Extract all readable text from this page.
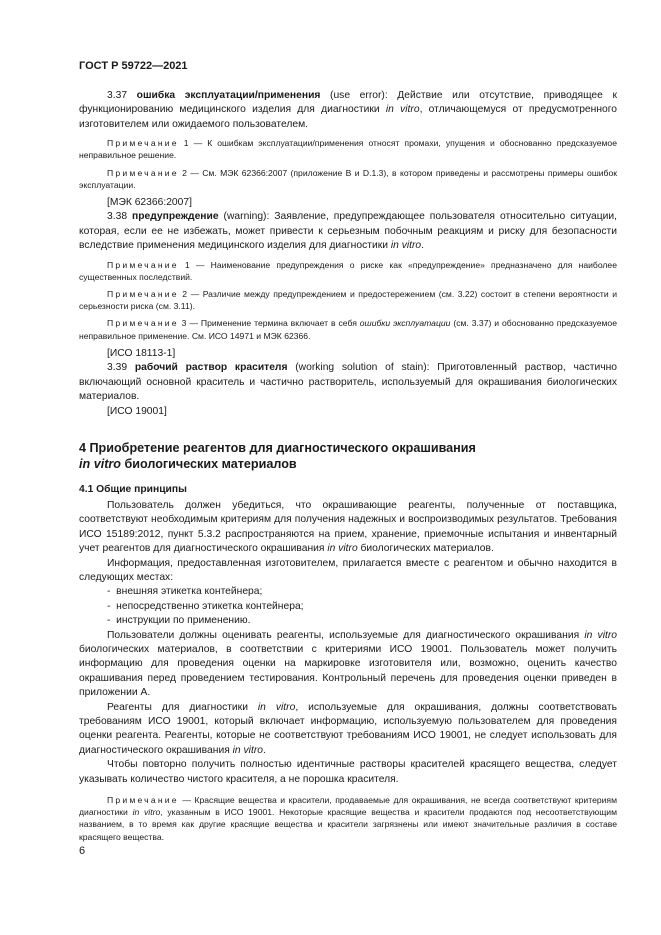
ГОСТ Р 59722—2021

3.37 ошибка эксплуатации/применения (use error): Действие или отсутствие, приводящее к функционированию медицинского изделия для диагностики in vitro, отличающемуся от предусмотренного изготовителем или ожидаемого пользователем.

Примечание 1 — К ошибкам эксплуатации/применения относят промахи, упущения и обоснованно предсказуемое неправильное решение.

Примечание 2 — См. МЭК 62366:2007 (приложение В и D.1.3), в котором приведены и рассмотрены примеры ошибок эксплуатации.

[МЭК 62366:2007]

3.38 предупреждение (warning): Заявление, предупреждающее пользователя относительно ситуации, которая, если ее не избежать, может привести к серьезным побочным реакциям и риску для безопасности вследствие применения медицинского изделия для диагностики in vitro.

Примечание 1 — Наименование предупреждения о риске как «предупреждение» предназначено для наиболее существенных последствий.

Примечание 2 — Различие между предупреждением и предостережением (см. 3.22) состоит в степени вероятности и серьезности риска (см. 3.11).

Примечание 3 — Применение термина включает в себя ошибки эксплуатации (см. 3.37) и обоснованно предсказуемое неправильное применение. См. ИСО 14971 и МЭК 62366.

[ИСО 18113-1]

3.39 рабочий раствор красителя (working solution of stain): Приготовленный раствор, частично включающий основной краситель и частично растворитель, используемый для окрашивания биологических материалов.

[ИСО 19001]

4 Приобретение реагентов для диагностического окрашивания
in vitro биологических материалов
4.1 Общие принципы

Пользователь должен убедиться, что окрашивающие реагенты, полученные от поставщика, соответствуют необходимым критериям для получения надежных и воспроизводимых результатов. Требования ИСО 15189:2012, пункт 5.3.2 распространяются на прием, хранение, приемочные испытания и инвентарный учет реагентов для диагностического окрашивания in vitro биологических материалов.

Информация, предоставленная изготовителем, прилагается вместе с реагентом и обычно находится в следующих местах:

-  внешняя этикетка контейнера;
-  непосредственно этикетка контейнера;
-  инструкции по применению.

Пользователи должны оценивать реагенты, используемые для диагностического окрашивания in vitro биологических материалов, в соответствии с критериями ИСО 19001. Пользователь может получить информацию для проведения оценки на маркировке изготовителя или, возможно, оценить качество окрашивания перед проведением тестирования. Контрольный перечень для проведения оценки приведен в приложении А.

Реагенты для диагностики in vitro, используемые для окрашивания, должны соответствовать требованиям ИСО 19001, который включает информацию, используемую пользователем для проведения оценки реагента. Реагенты, которые не соответствуют требованиям ИСО 19001, не следует использовать для диагностического окрашивания in vitro.

Чтобы повторно получить полностью идентичные растворы красителей красящего вещества, следует указывать количество чистого красителя, а не порошка красителя.

Примечание — Красящие вещества и красители, продаваемые для окрашивания, не всегда соответствуют критериям диагностики in vitro, указанным в ИСО 19001. Некоторые красящие вещества и красители продаются под несоответствующим названием, в то время как другие красящие вещества и красители загрязнены или имеют значительные различия в составе красящего вещества.

6
